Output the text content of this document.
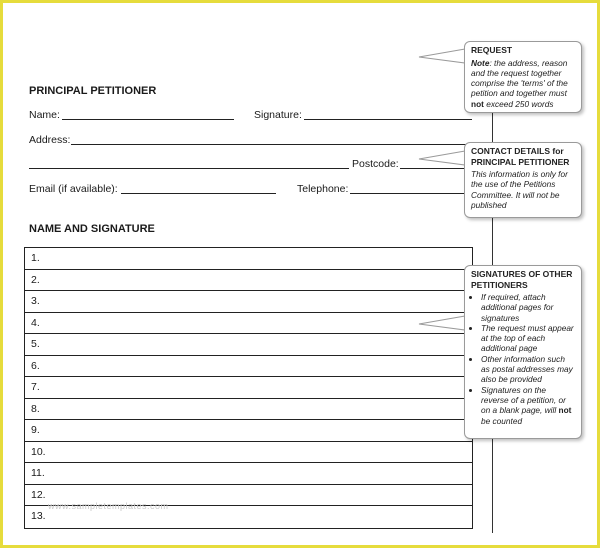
PRINCIPAL PETITIONER
Name:	Signature:
Address:
Postcode:
Email (if available):	Telephone:
NAME AND SIGNATURE
1.
2.
3.
4.
5.
6.
7.
8.
9.
10.
11.
12.
13.
www.sampletemplates.com
REQUEST
Note: the address, reason and the request together comprise the 'terms' of the petition and together must not exceed 250 words
CONTACT DETAILS for PRINCIPAL PETITIONER
This information is only for the use of the Petitions Committee. It will not be published
SIGNATURES OF OTHER PETITIONERS
• If required, attach additional pages for signatures
• The request must appear at the top of each additional page
• Other information such as postal addresses may also be provided
• Signatures on the reverse of a petition, or on a blank page, will not be counted
